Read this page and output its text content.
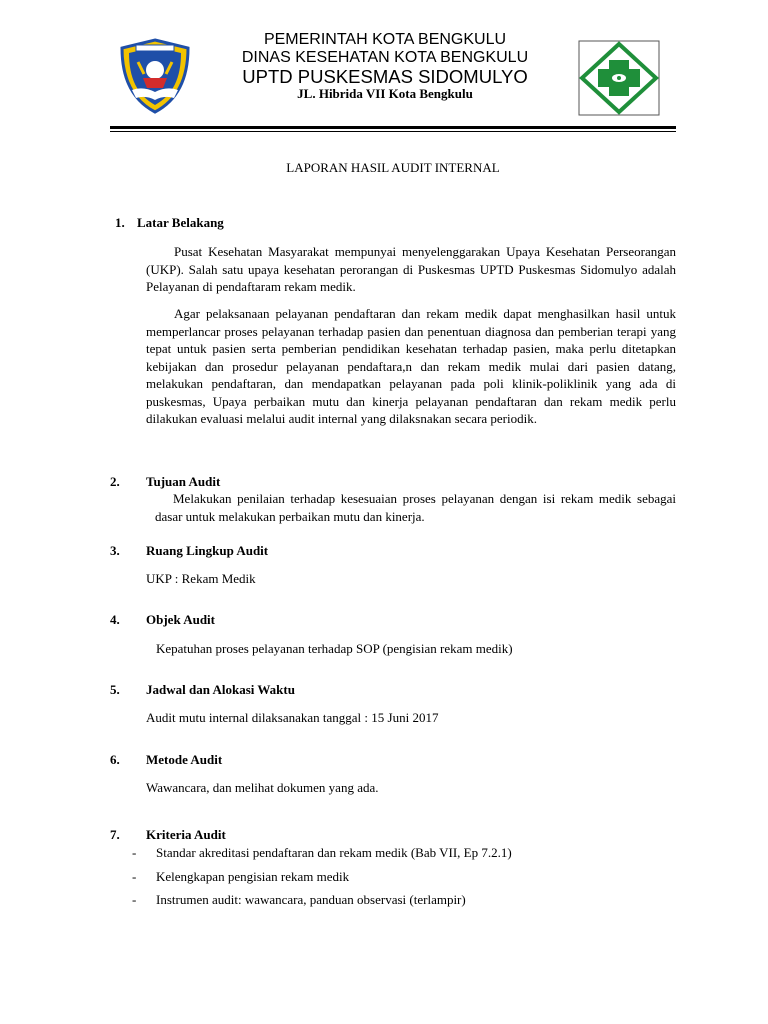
PEMERINTAH KOTA BENGKULU
DINAS KESEHATAN KOTA BENGKULU
UPTD PUSKESMAS SIDOMULYO
JL. Hibrida VII Kota Bengkulu
LAPORAN HASIL AUDIT INTERNAL
1. Latar Belakang
Pusat Kesehatan Masyarakat mempunyai menyelenggarakan Upaya Kesehatan Perseorangan (UKP). Salah satu upaya kesehatan perorangan di Puskesmas UPTD Puskesmas Sidomulyo adalah Pelayanan di pendaftaram rekam medik.
Agar pelaksanaan pelayanan pendaftaran dan rekam medik dapat menghasilkan hasil untuk memperlancar proses pelayanan terhadap pasien dan penentuan diagnosa dan pemberian terapi yang tepat untuk pasien serta pemberian pendidikan kesehatan terhadap pasien, maka perlu ditetapkan kebijakan dan prosedur pelayanan pendaftara,n dan rekam medik mulai dari pasien datang, melakukan pendaftaran, dan mendapatkan pelayanan pada poli klinik-poliklinik yang ada di puskesmas, Upaya perbaikan mutu dan kinerja pelayanan pendaftaran dan rekam medik perlu dilakukan evaluasi melalui audit internal yang dilaksnakan secara periodik.
2. Tujuan Audit
Melakukan penilaian terhadap kesesuaian proses pelayanan dengan isi rekam medik sebagai dasar untuk melakukan perbaikan mutu dan kinerja.
3. Ruang Lingkup Audit
UKP : Rekam Medik
4. Objek Audit
Kepatuhan proses pelayanan terhadap SOP (pengisian rekam medik)
5. Jadwal dan Alokasi Waktu
Audit mutu internal dilaksanakan tanggal : 15 Juni 2017
6. Metode Audit
Wawancara, dan melihat dokumen yang ada.
7. Kriteria Audit
- Standar akreditasi pendaftaran dan rekam medik (Bab VII, Ep 7.2.1)
- Kelengkapan pengisian rekam medik
- Instrumen audit: wawancara, panduan observasi (terlampir)
